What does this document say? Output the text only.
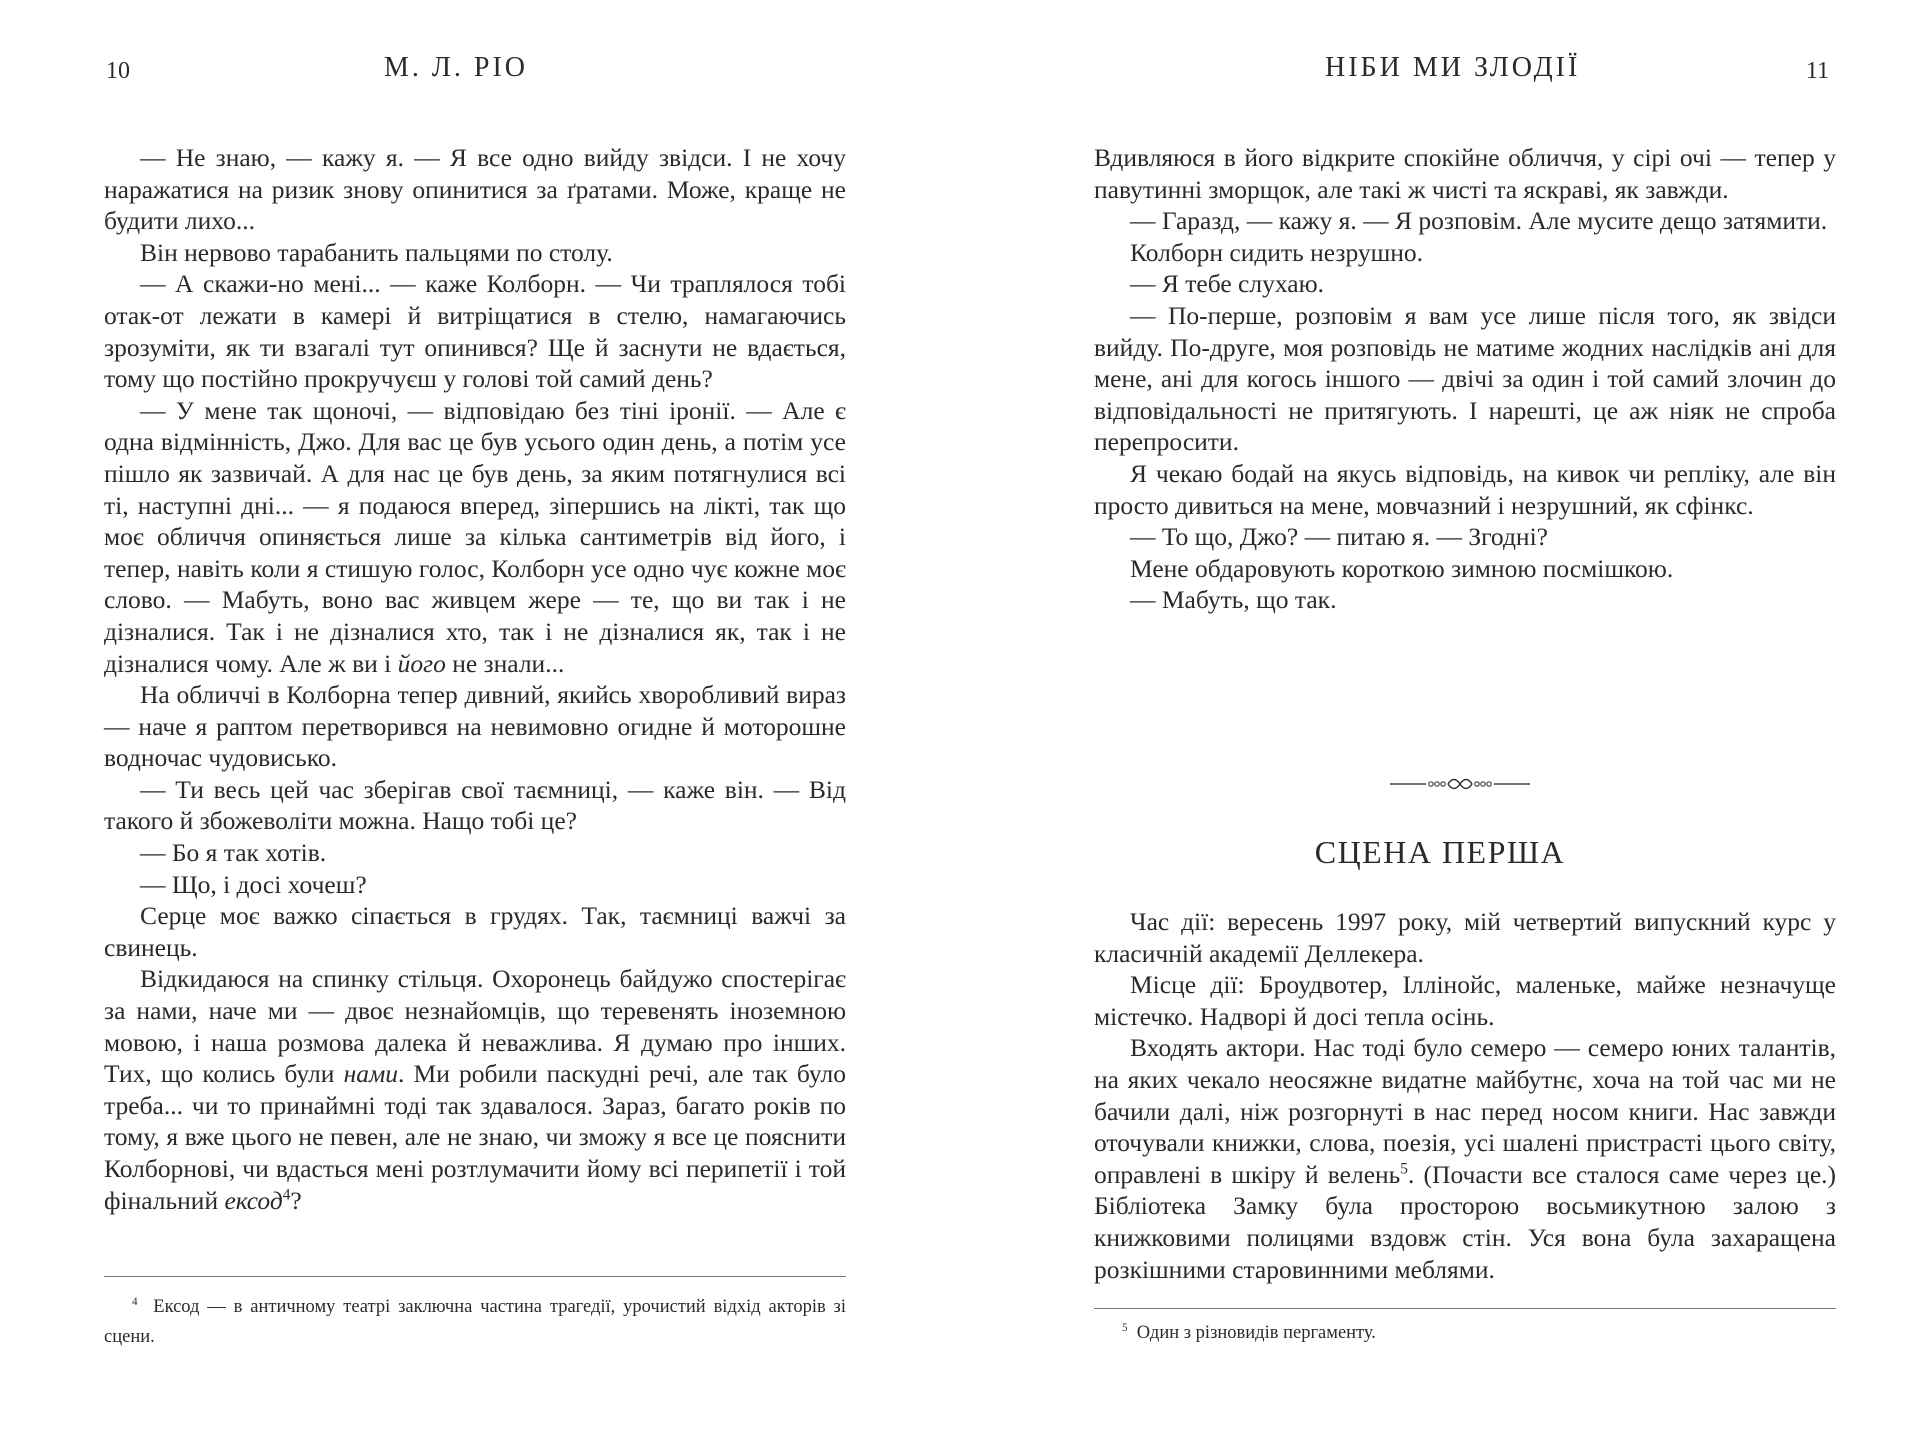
10	М. Л. РІО

— Не знаю, — кажу я. — Я все одно вийду звідси. І не хочу наражатися на ризик знову опинитися за ґратами. Може, краще не будити лихо...

Він нервово тарабанить пальцями по столу.

— А скажи-но мені... — каже Колборн. — Чи траплялося тобі отак-от лежати в камері й витріщатися в стелю, намагаючись зрозуміти, як ти взагалі тут опинився? Ще й заснути не вдається, тому що постійно прокручуєш у голові той самий день?

— У мене так щоночі, — відповідаю без тіні іронії. — Але є одна відмінність, Джо. Для вас це був усього один день, а потім усе пішло як зазвичай. А для нас це був день, за яким потягнулися всі ті, наступні дні... — я подаюся вперед, зіпершись на лікті, так що моє обличчя опиняється лише за кілька сантиметрів від його, і тепер, навіть коли я стишую голос, Колборн усе одно чує кожне моє слово. — Мабуть, воно вас живцем жере — те, що ви так і не дізналися. Так і не дізналися хто, так і не дізналися як, так і не дізналися чому. Але ж ви і його не знали...

На обличчі в Колборна тепер дивний, якийсь хворобливий вираз — наче я раптом перетворився на невимовно огидне й моторошне водночас чудовисько.

— Ти весь цей час зберігав свої таємниці, — каже він. — Від такого й збожеволіти можна. Нащо тобі це?

— Бо я так хотів.

— Що, і досі хочеш?

Серце моє важко сіпається в грудях. Так, таємниці важчі за свинець.

Відкидаюся на спинку стільця. Охоронець байдужо спостерігає за нами, наче ми — двоє незнайомців, що теревенять іноземною мовою, і наша розмова далека й неважлива. Я думаю про інших. Тих, що колись були нами. Ми робили паскудні речі, але так було треба... чи то принаймні тоді так здавалося. Зараз, багато років по тому, я вже цього не певен, але не знаю, чи зможу я все це пояснити Колборнові, чи вдасться мені розтлумачити йому всі перипетії і той фінальний ексод$^4$?

$^4$ Ексод — в античному театрі заключна частина трагедії, урочистий відхід акторів зі сцени.

НІБИ МИ ЗЛОДІЇ	11

Вдивляюся в його відкрите спокійне обличчя, у сірі очі — тепер у павутинні зморщок, але такі ж чисті та яскраві, як завжди.

— Гаразд, — кажу я. — Я розповім. Але мусите дещо затямити.

Колборн сидить незрушно.

— Я тебе слухаю.

— По-перше, розповім я вам усе лише після того, як звідси вийду. По-друге, моя розповідь не матиме жодних наслідків ані для мене, ані для когось іншого — двічі за один і той самий злочин до відповідальності не притягують. І нарешті, це аж ніяк не спроба перепросити.

Я чекаю бодай на якусь відповідь, на кивок чи репліку, але він просто дивиться на мене, мовчазний і незрушний, як сфінкс.

— То що, Джо? — питаю я. — Згодні?

Мене обдаровують короткою зимною посмішкою.

— Мабуть, що так.

СЦЕНА ПЕРША

Час дії: вересень 1997 року, мій четвертий випускний курс у класичній академії Деллекера.

Місце дії: Броудвотер, Іллінойс, маленьке, майже незначуще містечко. Надворі й досі тепла осінь.

Входять актори. Нас тоді було семеро — семеро юних талантів, на яких чекало неосяжне видатне майбутнє, хоча на той час ми не бачили далі, ніж розгорнуті в нас перед носом книги. Нас завжди оточували книжки, слова, поезія, усі шалені пристрасті цього світу, оправлені в шкіру й велень$^5$. (Почасти все сталося саме через це.) Бібліотека Замку була просторою восьмикутною залою з книжковими полицями вздовж стін. Уся вона була захаращена розкішними старовинними меблями.

$^5$ Один з різновидів пергаменту.
